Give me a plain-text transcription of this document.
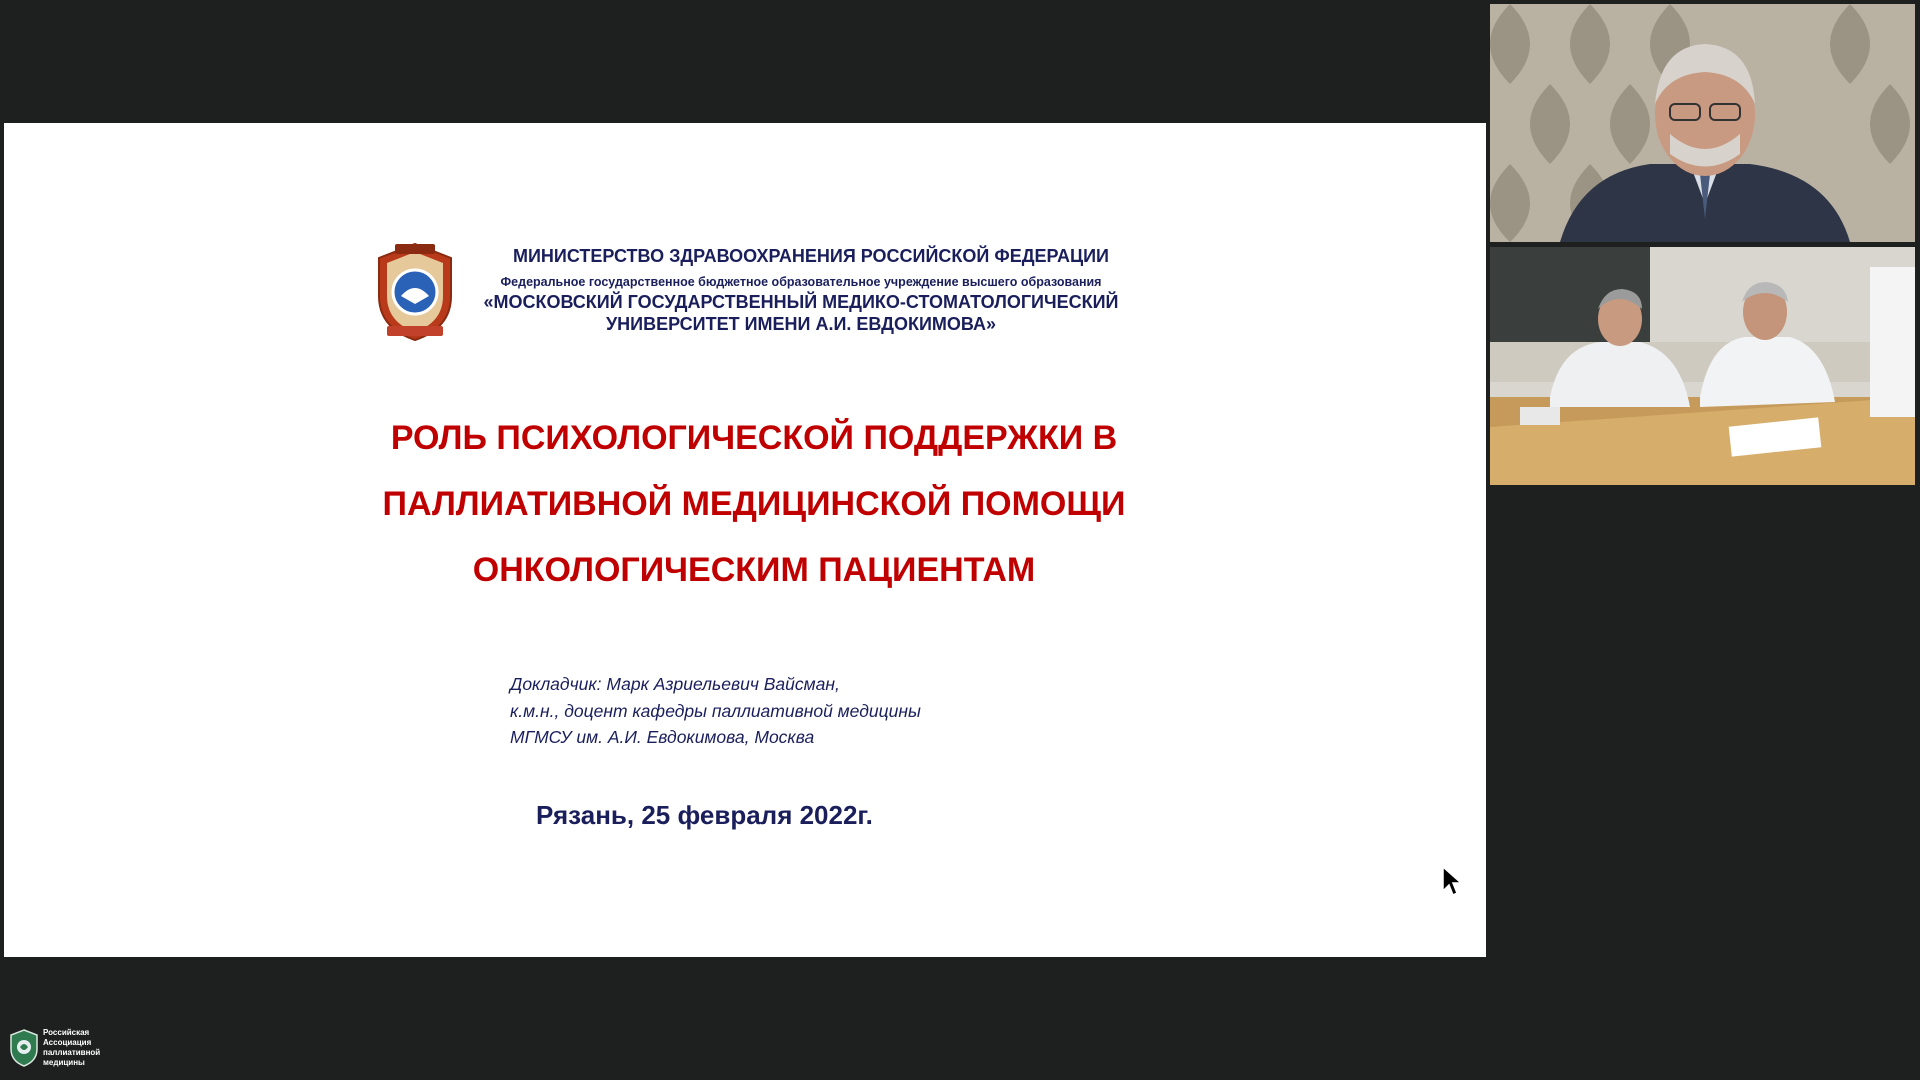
МИНИСТЕРСТВО ЗДРАВООХРАНЕНИЯ РОССИЙСКОЙ ФЕДЕРАЦИИ
Федеральное государственное бюджетное образовательное учреждение высшего образования
«МОСКОВСКИЙ ГОСУДАРСТВЕННЫЙ МЕДИКО-СТОМАТОЛОГИЧЕСКИЙ
УНИВЕРСИТЕТ ИМЕНИ А.И. ЕВДОКИМОВА»
РОЛЬ ПСИХОЛОГИЧЕСКОЙ ПОДДЕРЖКИ В
ПАЛЛИАТИВНОЙ МЕДИЦИНСКОЙ ПОМОЩИ
ОНКОЛОГИЧЕСКИМ ПАЦИЕНТАМ
Докладчик: Марк Азриельевич Вайсман,
к.м.н., доцент кафедры паллиативной медицины
МГМСУ им. А.И. Евдокимова, Москва
Рязань, 25 февраля 2022г.
Российская
Ассоциация
паллиативной
медицины
